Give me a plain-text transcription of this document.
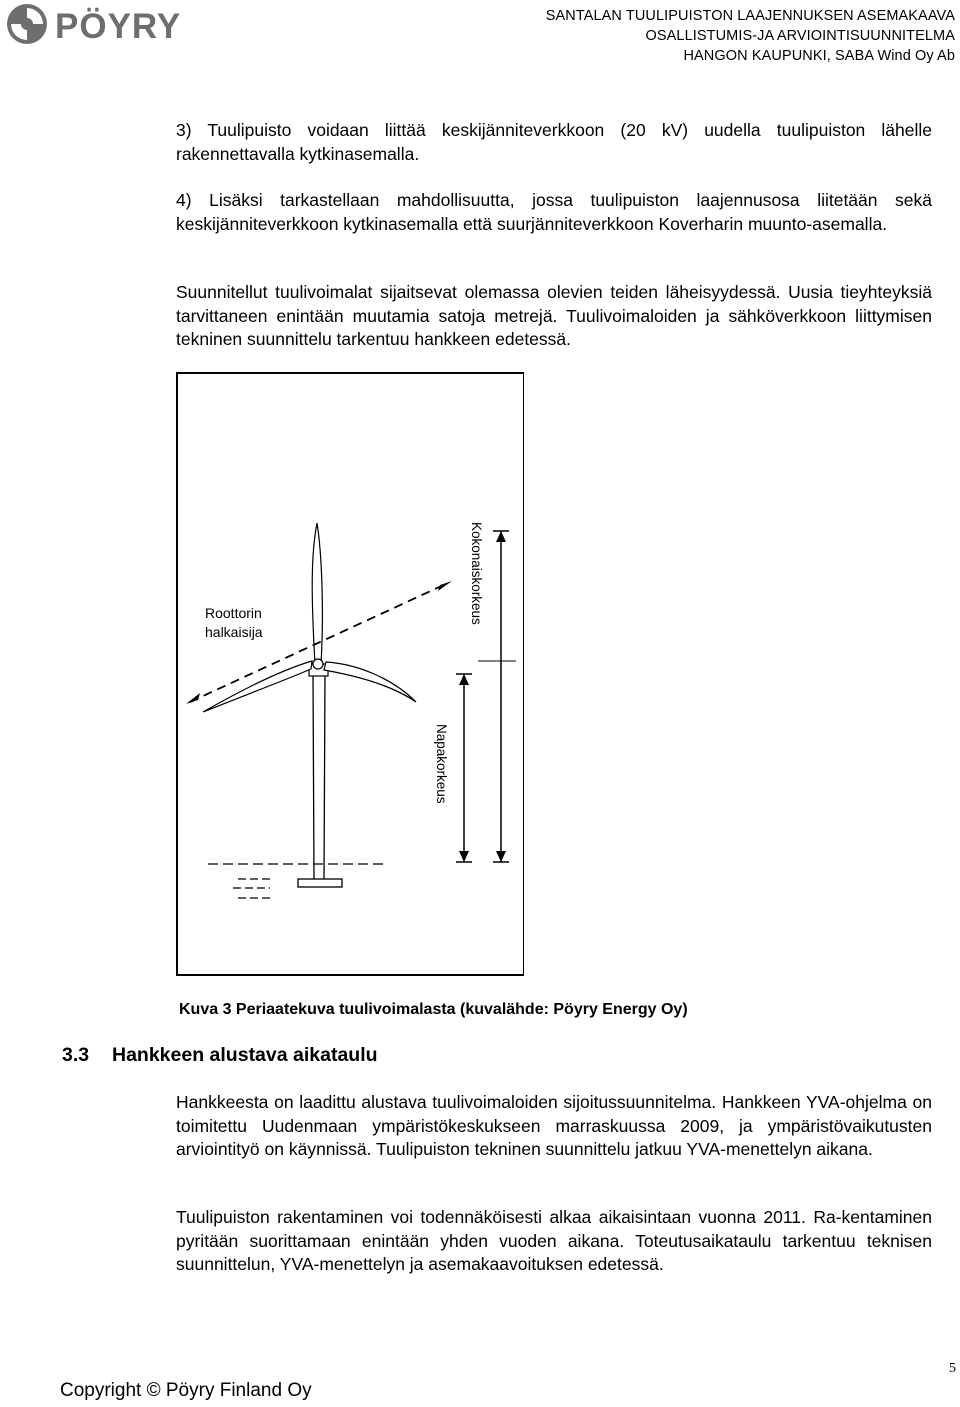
PÖYRY	SANTALAN TUULIPUISTON LAAJENNUKSEN ASEMAKAAVA
OSALLISTUMIS-JA ARVIOINTISUUNNITELMA
HANGON KAUPUNKI, SABA Wind Oy Ab

3) Tuulipuisto voidaan liittää keskijänniteverkkoon (20 kV) uudella tuulipuiston lähelle rakennettavalla kytkinasemalla.

4) Lisäksi tarkastellaan mahdollisuutta, jossa tuulipuiston laajennusosa liitetään sekä keskijänniteverkkoon kytkinasemalla että suurjänniteverkkoon Koverharin muunto-asemalla.

Suunnitellut tuulivoimalat sijaitsevat olemassa olevien teiden läheisyydessä. Uusia tieyhteyksiä tarvittaneen enintään muutamia satoja metrejä. Tuulivoimaloiden ja sähköverkkoon liittymisen tekninen suunnittelu tarkentuu hankkeen edetessä.

Roottorin
halkaisija
Kokonaiskorkeus
Napakorkeus
Kuva 3 Periaatekuva tuulivoimalasta (kuvalähde: Pöyry Energy Oy)
3.3 Hankkeen alustava aikataulu

Hankkeesta on laadittu alustava tuulivoimaloiden sijoitussuunnitelma. Hankkeen YVA-ohjelma on toimitettu Uudenmaan ympäristökeskukseen marraskuussa 2009, ja ympäristövaikutusten arviointityö on käynnissä. Tuulipuiston tekninen suunnittelu jatkuu YVA-menettelyn aikana.

Tuulipuiston rakentaminen voi todennäköisesti alkaa aikaisintaan vuonna 2011. Ra-kentaminen pyritään suorittamaan enintään yhden vuoden aikana. Toteutusaikataulu tarkentuu teknisen suunnittelun, YVA-menettelyn ja asemakaavoituksen edetessä.

5
Copyright © Pöyry Finland Oy
